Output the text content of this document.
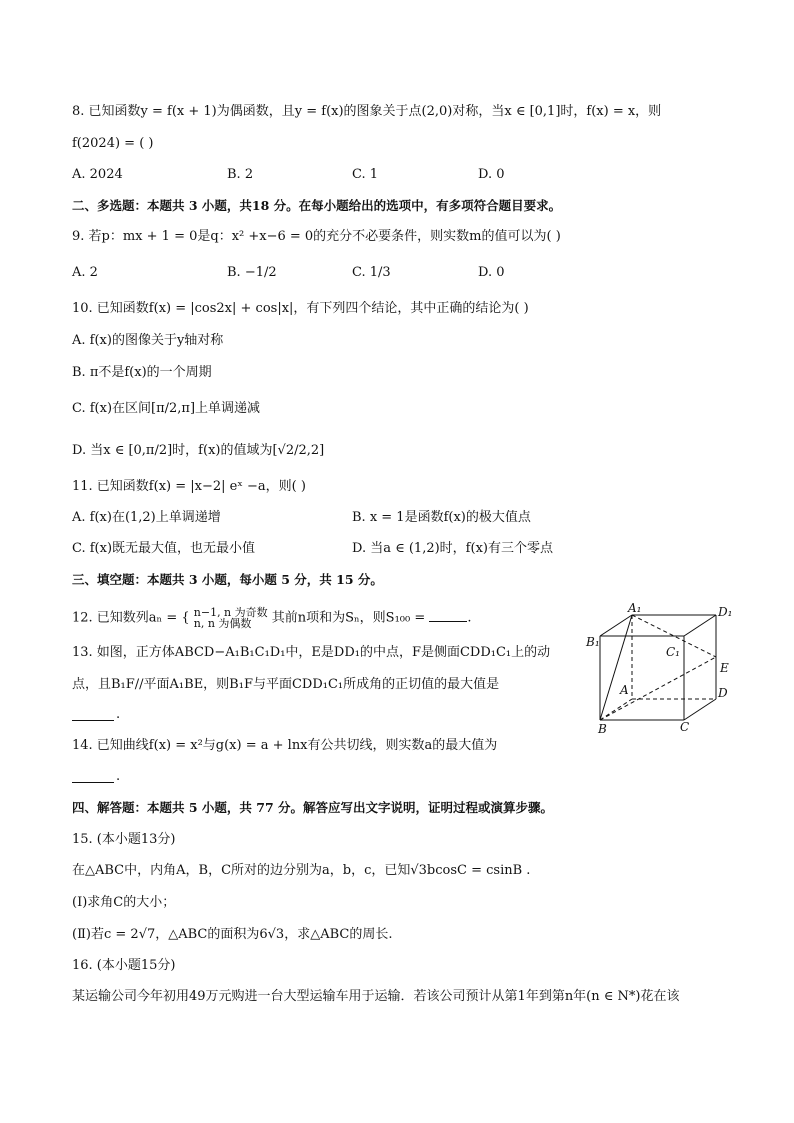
8. 已知函数y = f(x + 1)为偶函数，且y = f(x)的图象关于点(2,0)对称，当x ∈ [0,1]时，f(x) = x，则
f(2024) = ( )
A. 2024	B. 2	C. 1	D. 0
二、多选题：本题共 3 小题，共18 分。在每小题给出的选项中，有多项符合题目要求。
9. 若p：mx + 1 = 0是q：x² +x−6 = 0的充分不必要条件，则实数m的值可以为( )
A. 2	B. −1/2	C. 1/3	D. 0
10. 已知函数f(x) = |cos2x| + cos|x|，有下列四个结论，其中正确的结论为( )
A. f(x)的图像关于y轴对称
B. π不是f(x)的一个周期
C. f(x)在区间[π/2,π]上单调递减
D. 当x ∈ [0,π/2]时，f(x)的值域为[√2/2,2]
11. 已知函数f(x) = |x−2| eˣ −a，则( )
A. f(x)在(1,2)上单调递增	B. x = 1是函数f(x)的极大值点
C. f(x)既无最大值，也无最小值	D. 当a ∈ (1,2)时，f(x)有三个零点
三、填空题：本题共 3 小题，每小题 5 分，共 15 分。
12. 已知数列aₙ = { n−1, n 为奇数
n, n 为偶数	其前n项和为Sₙ，则S₁₀₀ =	.
13. 如图，正方体ABCD−A₁B₁C₁D₁中，E是DD₁的中点，F是侧面CDD₁C₁上的动
点，且B₁F//平面A₁BE，则B₁F与平面CDD₁C₁所成角的正切值的最大值是
.
A₁	D₁
B₁
C₁
E
A	D
B	C
14. 已知曲线f(x) = x²与g(x) = a + lnx有公共切线，则实数a的最大值为
.
四、解答题：本题共 5 小题，共 77 分。解答应写出文字说明，证明过程或演算步骤。
15. (本小题13分)
在△ABC中，内角A，B，C所对的边分别为a，b，c，已知√3bcosC = csinB .
(Ⅰ)求角C的大小；
(Ⅱ)若c = 2√7，△ABC的面积为6√3，求△ABC的周长.
16. (本小题15分)
某运输公司今年初用49万元购进一台大型运输车用于运输．若该公司预计从第1年到第n年(n ∈ N*)花在该
